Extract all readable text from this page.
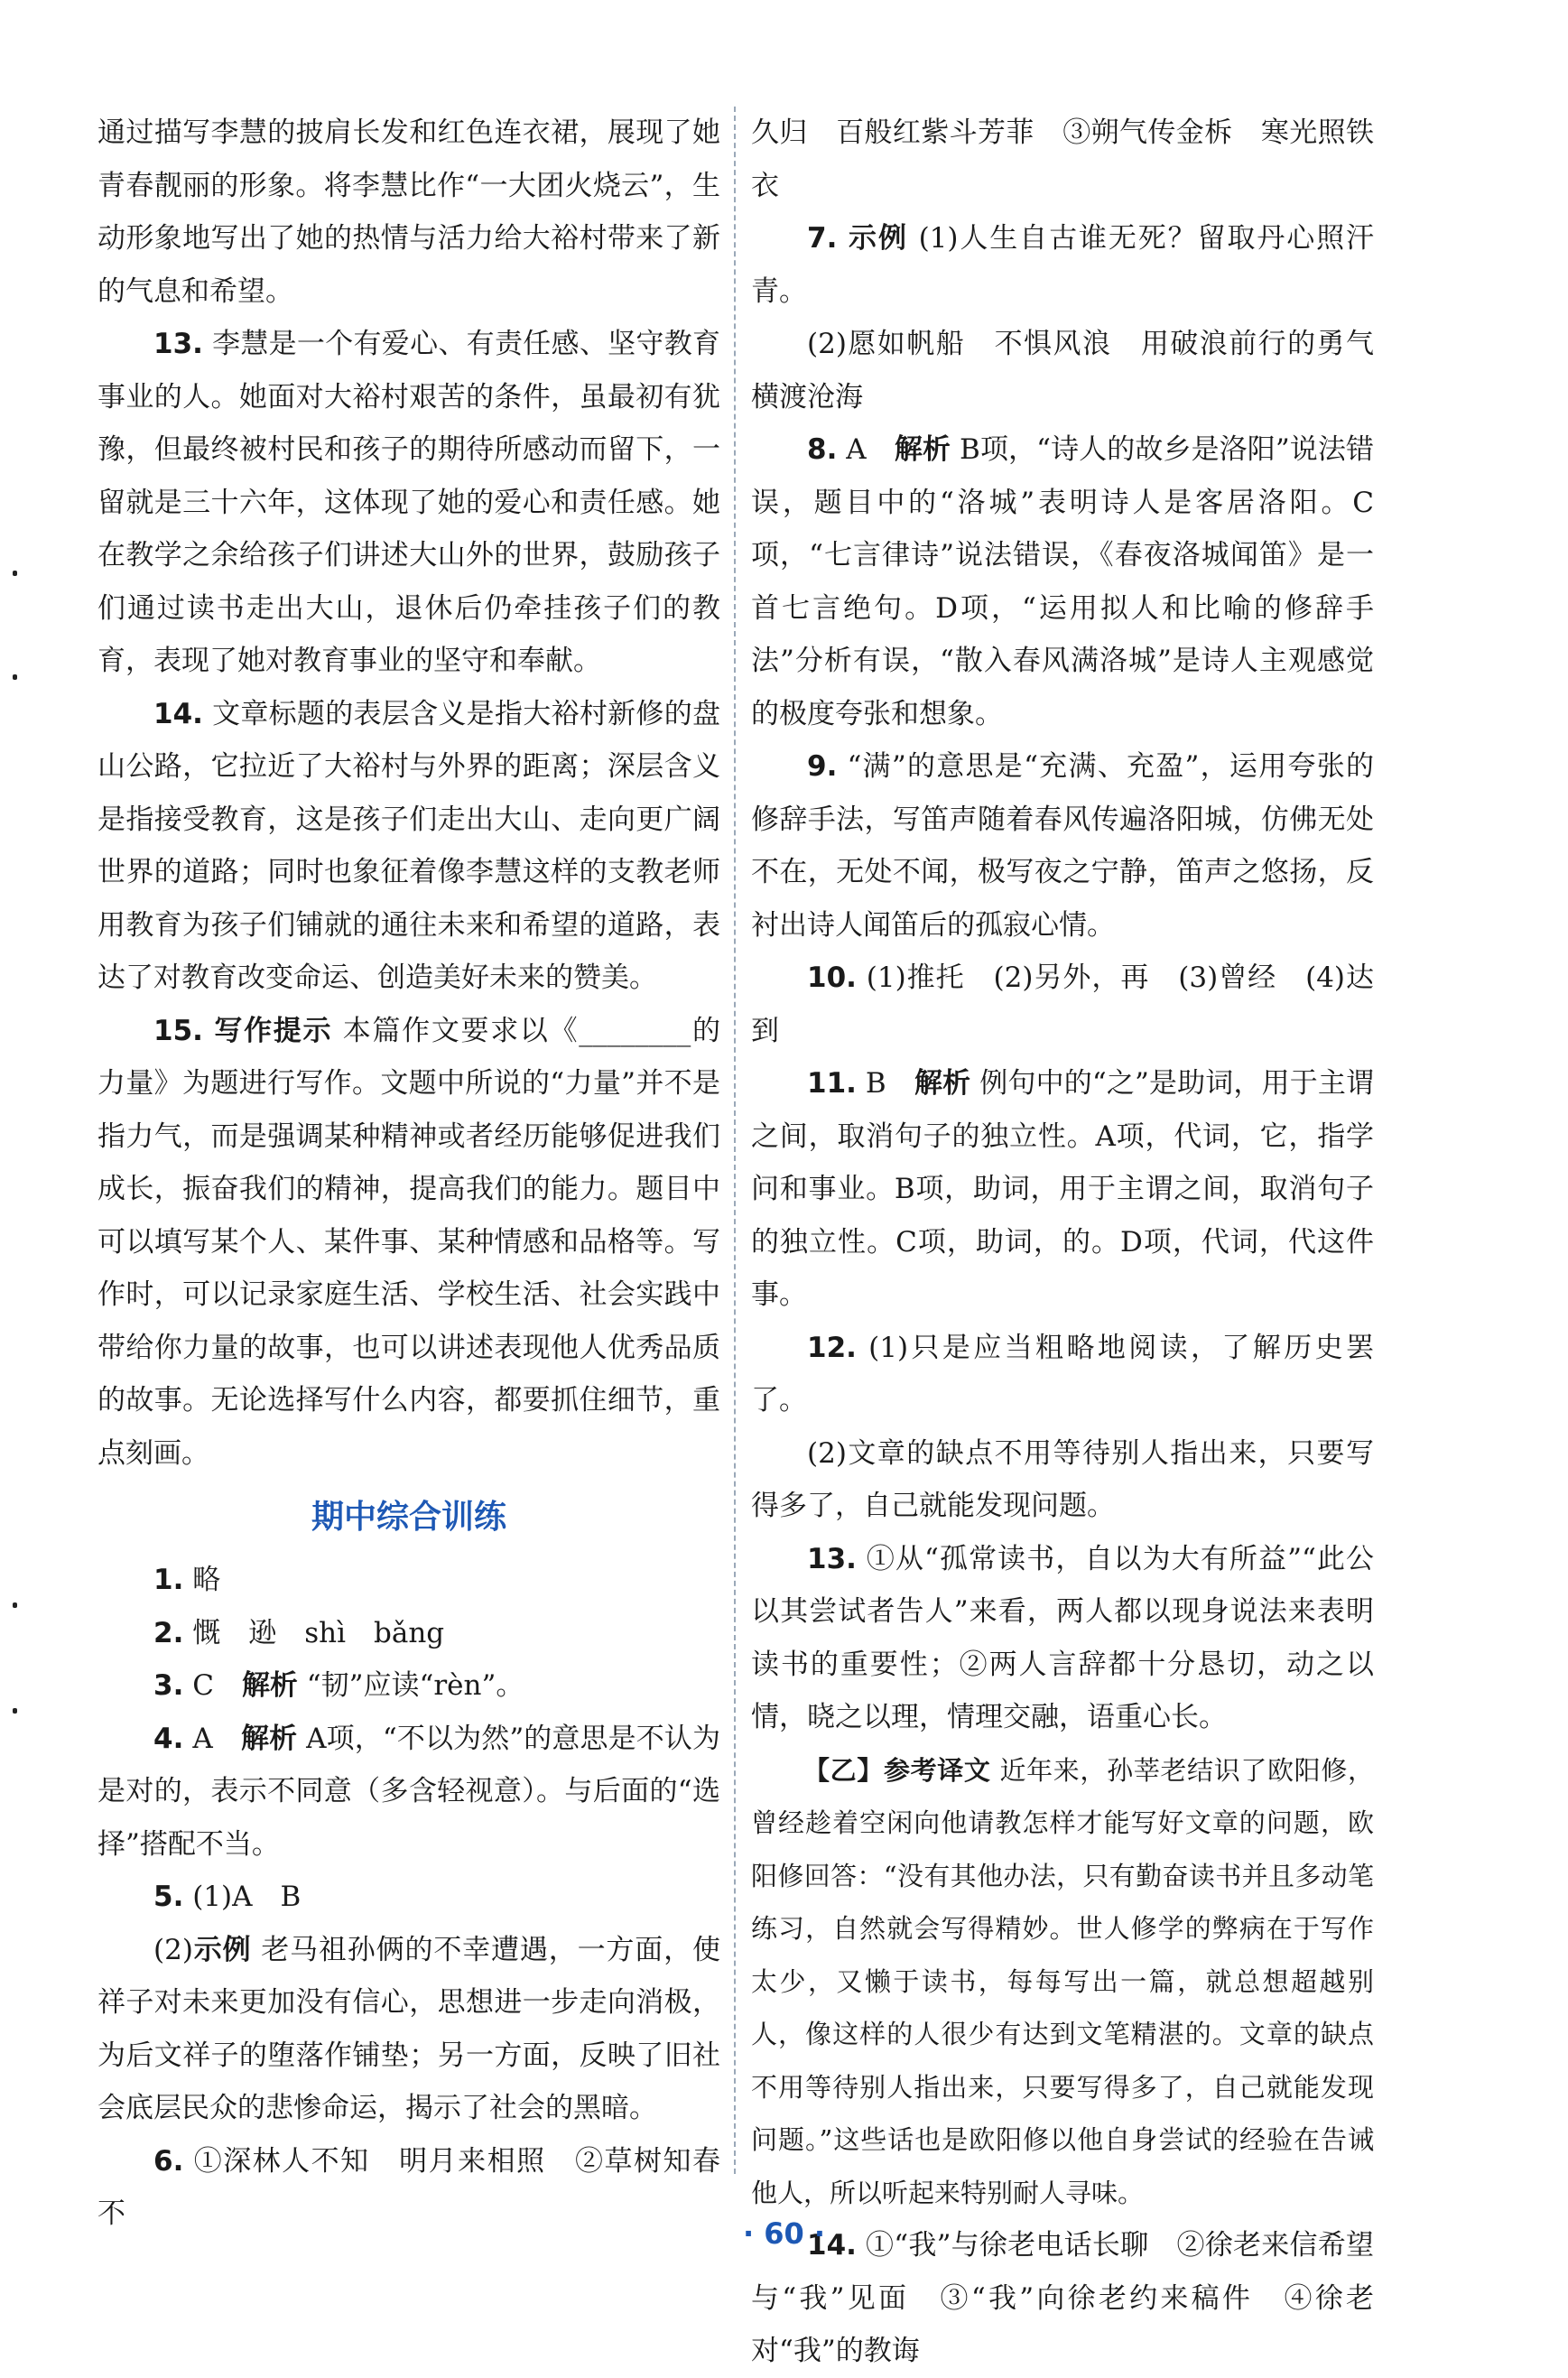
通过描写李慧的披肩长发和红色连衣裙，展现了她青春靓丽的形象。将李慧比作“一大团火烧云”，生动形象地写出了她的热情与活力给大裕村带来了新的气息和希望。

13. 李慧是一个有爱心、有责任感、坚守教育事业的人。她面对大裕村艰苦的条件，虽最初有犹豫，但最终被村民和孩子的期待所感动而留下，一留就是三十六年，这体现了她的爱心和责任感。她在教学之余给孩子们讲述大山外的世界，鼓励孩子们通过读书走出大山，退休后仍牵挂孩子们的教育，表现了她对教育事业的坚守和奉献。

14. 文章标题的表层含义是指大裕村新修的盘山公路，它拉近了大裕村与外界的距离；深层含义是指接受教育，这是孩子们走出大山、走向更广阔世界的道路；同时也象征着像李慧这样的支教老师用教育为孩子们铺就的通往未来和希望的道路，表达了对教育改变命运、创造美好未来的赞美。

15. 写作提示 本篇作文要求以《________的力量》为题进行写作。文题中所说的“力量”并不是指力气，而是强调某种精神或者经历能够促进我们成长，振奋我们的精神，提高我们的能力。题目中可以填写某个人、某件事、某种情感和品格等。写作时，可以记录家庭生活、学校生活、社会实践中带给你力量的故事，也可以讲述表现他人优秀品质的故事。无论选择写什么内容，都要抓住细节，重点刻画。

期中综合训练

1. 略

2. 慨　逊　shì　bǎng

3. C　解析 “韧”应读“rèn”。

4. A　解析 A项，“不以为然”的意思是不认为是对的，表示不同意（多含轻视意）。与后面的“选择”搭配不当。

5. (1)A　B

(2)示例 老马祖孙俩的不幸遭遇，一方面，使祥子对未来更加没有信心，思想进一步走向消极，为后文祥子的堕落作铺垫；另一方面，反映了旧社会底层民众的悲惨命运，揭示了社会的黑暗。

6. ①深林人不知　明月来相照　②草树知春不

久归　百般红紫斗芳菲　③朔气传金柝　寒光照铁衣

7. 示例 (1)人生自古谁无死？留取丹心照汗青。

(2)愿如帆船　不惧风浪　用破浪前行的勇气横渡沧海

8. A　解析 B项，“诗人的故乡是洛阳”说法错误，题目中的“洛城”表明诗人是客居洛阳。C项，“七言律诗”说法错误，《春夜洛城闻笛》是一首七言绝句。D项，“运用拟人和比喻的修辞手法”分析有误，“散入春风满洛城”是诗人主观感觉的极度夸张和想象。

9. “满”的意思是“充满、充盈”，运用夸张的修辞手法，写笛声随着春风传遍洛阳城，仿佛无处不在，无处不闻，极写夜之宁静，笛声之悠扬，反衬出诗人闻笛后的孤寂心情。

10. (1)推托　(2)另外，再　(3)曾经　(4)达到

11. B　解析 例句中的“之”是助词，用于主谓之间，取消句子的独立性。A项，代词，它，指学问和事业。B项，助词，用于主谓之间，取消句子的独立性。C项，助词，的。D项，代词，代这件事。

12. (1)只是应当粗略地阅读，了解历史罢了。

(2)文章的缺点不用等待别人指出来，只要写得多了，自己就能发现问题。

13. ①从“孤常读书，自以为大有所益”“此公以其尝试者告人”来看，两人都以现身说法来表明读书的重要性；②两人言辞都十分恳切，动之以情，晓之以理，情理交融，语重心长。

【乙】参考译文 近年来，孙莘老结识了欧阳修，曾经趁着空闲向他请教怎样才能写好文章的问题，欧阳修回答：“没有其他办法，只有勤奋读书并且多动笔练习，自然就会写得精妙。世人修学的弊病在于写作太少，又懒于读书，每每写出一篇，就总想超越别人，像这样的人很少有达到文笔精湛的。文章的缺点不用等待别人指出来，只要写得多了，自己就能发现问题。”这些话也是欧阳修以他自身尝试的经验在告诫他人，所以听起来特别耐人寻味。

14. ①“我”与徐老电话长聊　②徐老来信希望与“我”见面　③“我”向徐老约来稿件　④徐老对“我”的教诲

· 60 ·
